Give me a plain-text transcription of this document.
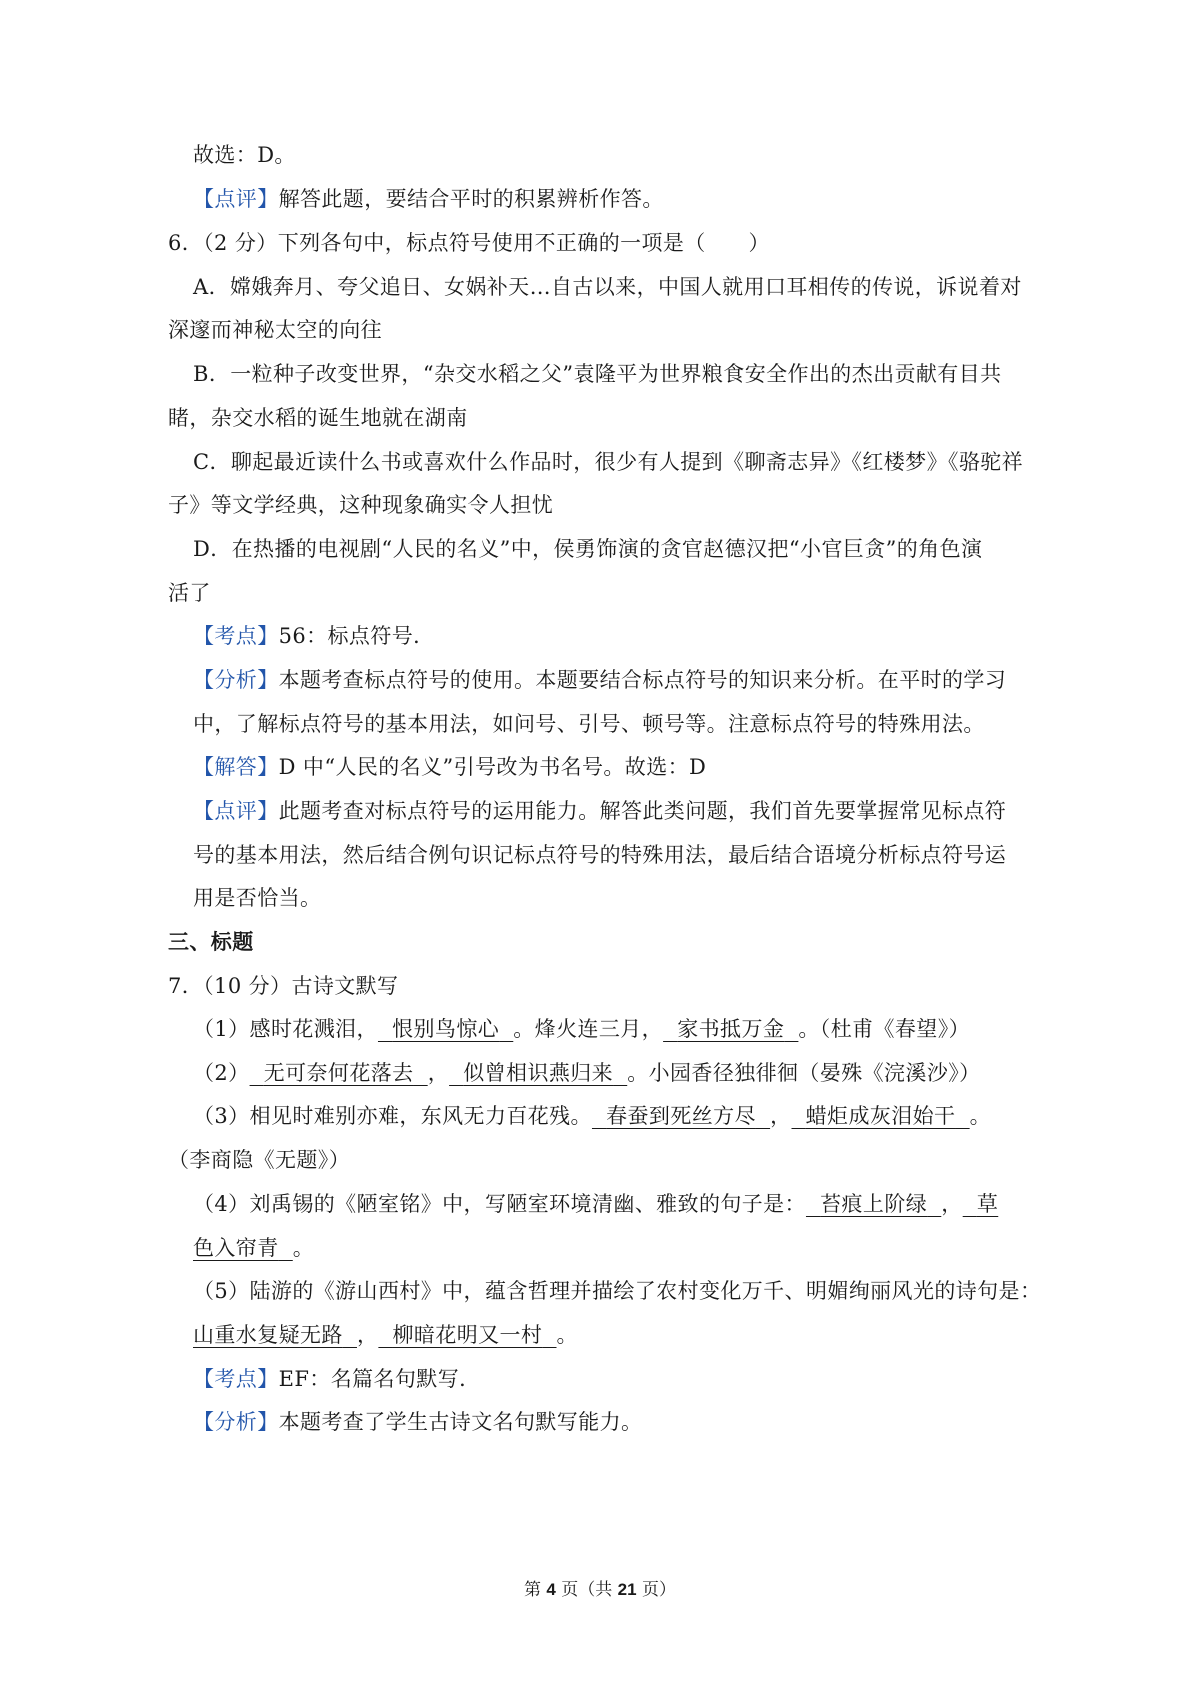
故选：D。
【点评】解答此题，要结合平时的积累辨析作答。
6．（2 分）下列各句中，标点符号使用不正确的一项是（　　）
A．嫦娥奔月、夸父追日、女娲补天…自古以来，中国人就用口耳相传的传说，诉说着对
深邃而神秘太空的向往
B．一粒种子改变世界，“杂交水稻之父”袁隆平为世界粮食安全作出的杰出贡献有目共
睹，杂交水稻的诞生地就在湖南
C．聊起最近读什么书或喜欢什么作品时，很少有人提到《聊斋志异》《红楼梦》《骆驼祥
子》等文学经典，这种现象确实令人担忧
D．在热播的电视剧“人民的名义”中，侯勇饰演的贪官赵德汉把“小官巨贪”的角色演
活了
【考点】56：标点符号．
【分析】本题考查标点符号的使用。本题要结合标点符号的知识来分析。在平时的学习
中，了解标点符号的基本用法，如问号、引号、顿号等。注意标点符号的特殊用法。
【解答】D 中“人民的名义”引号改为书名号。故选：D
【点评】此题考查对标点符号的运用能力。解答此类问题，我们首先要掌握常见标点符
号的基本用法，然后结合例句识记标点符号的特殊用法，最后结合语境分析标点符号运
用是否恰当。
三、标题
7．（10 分）古诗文默写
（1）感时花溅泪， 恨别鸟惊心 。烽火连三月， 家书抵万金 。（杜甫《春望》）
（2） 无可奈何花落去 ， 似曾相识燕归来 。小园香径独徘徊（晏殊《浣溪沙》）
（3）相见时难别亦难，东风无力百花残。 春蚕到死丝方尽 ， 蜡炬成灰泪始干 。
（李商隐《无题》）
（4）刘禹锡的《陋室铭》中，写陋室环境清幽、雅致的句子是： 苔痕上阶绿 ， 草
色入帘青 。
（5）陆游的《游山西村》中，蕴含哲理并描绘了农村变化万千、明媚绚丽风光的诗句是：
山重水复疑无路 ， 柳暗花明又一村 。
【考点】EF：名篇名句默写．
【分析】本题考查了学生古诗文名句默写能力。
第 4 页（共 21 页）
